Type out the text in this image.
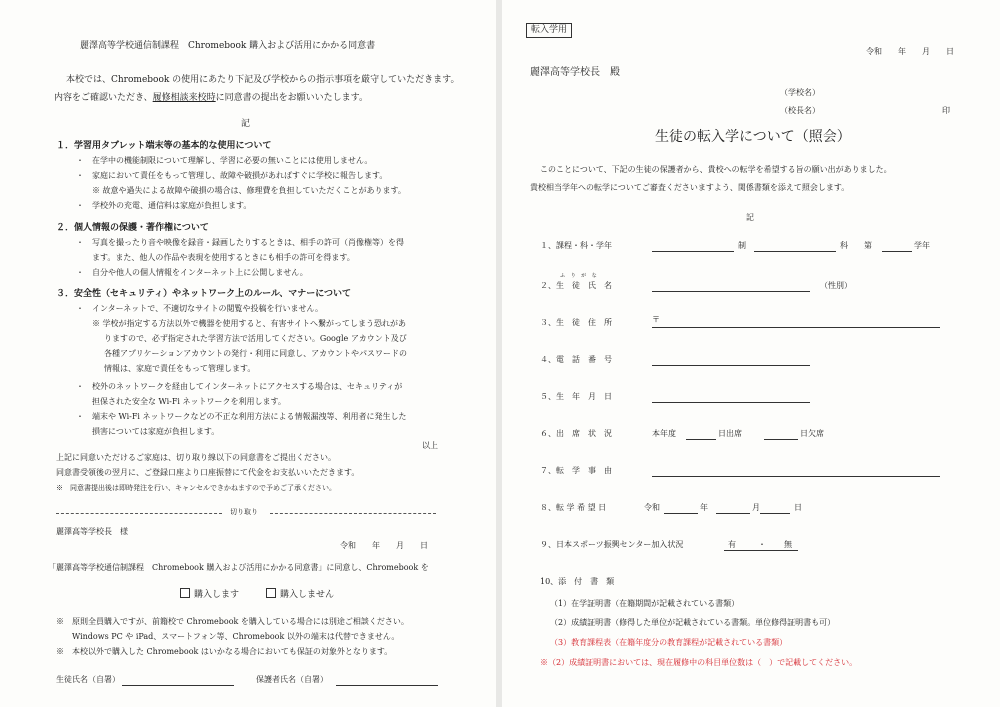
麗澤高等学校通信制課程　Chromebook 購入および活用にかかる同意書
本校では、Chromebook の使用にあたり下記及び学校からの指示事項を厳守していただきます。
内容をご確認いただき、履修相談来校時に同意書の提出をお願いいたします。
記
１．学習用タブレット端末等の基本的な使用について
・ 在学中の機能制限について理解し、学習に必要の無いことには使用しません。
・ 家庭において責任をもって管理し、故障や破損があればすぐに学校に報告します。
※ 故意や過失による故障や破損の場合は、修理費を負担していただくことがあります。
・ 学校外の充電、通信料は家庭が負担します。
２．個人情報の保護・著作権について
・ 写真を撮ったり音や映像を録音・録画したりするときは、相手の許可（肖像権等）を得
ます。また、他人の作品や表現を使用するときにも相手の許可を得ます。
・ 自分や他人の個人情報をインターネット上に公開しません。
３．安全性（セキュリティ）やネットワーク上のルール、マナーについて
・ インターネットで、不適切なサイトの閲覧や投稿を行いません。
※ 学校が指定する方法以外で機器を使用すると、有害サイトへ繋がってしまう恐れがあ
りますので、必ず指定された学習方法で活用してください。Google アカウント及び
各種アプリケーションアカウントの発行・利用に同意し、アカウントやパスワードの
情報は、家庭で責任をもって管理します。
・ 校外のネットワークを経由してインターネットにアクセスする場合は、セキュリティが
担保された安全な Wi-Fi ネットワークを利用します。
・ 端末や Wi-Fi ネットワークなどの不正な利用方法による情報漏洩等、利用者に発生した
損害については家庭が負担します。
以上
上記に同意いただけるご家庭は、切り取り線以下の同意書をご提出ください。
同意書受領後の翌月に、ご登録口座より口座振替にて代金をお支払いいただきます。
※　同意書提出後は即時発注を行い、キャンセルできかねますので予めご了承ください。
切り取り
麗澤高等学校長　様
令和　　年　　月　　日
「麗澤高等学校通信制課程　Chromebook 購入および活用にかかる同意書」に同意し、Chromebook を
購入します	購入しません
※　原則全員購入ですが、前籍校で Chromebook を購入している場合には別途ご相談ください。
Windows PC や iPad、スマートフォン等、Chromebook 以外の端末は代替できません。
※　本校以外で購入した Chromebook はいかなる場合においても保証の対象外となります。
生徒氏名（自署）	保護者氏名（自署）
転入学用
令和　　年　　月　　日
麗澤高等学校長　殿
（学校名）
（校長名）	印
生徒の転入学について（照会）
このことについて、下記の生徒の保護者から、貴校への転学を希望する旨の願い出がありました。
貴校相当学年への転学についてご審査くださいますよう、関係書類を添えて照会します。
記
１、課程・科・学年	制	科 第	学年
ふ り が な
２、生　徒　氏　名	（性別）
３、生　徒　住　所	〒
４、電　話　番　号
５、生　年　月　日
６、出　席　状　況	本年度	日出席	日欠席
７、転　学　事　由
８、転 学 希 望 日	令和	年	月	日
９、日本スポーツ振興センター加入状況	有	・ 無
10、添　付　書　類
（1）在学証明書（在籍期間が記載されている書類）
（2）成績証明書（修得した単位が記載されている書類。単位修得証明書も可）
（3）教育課程表（在籍年度分の教育課程が記載されている書類）
※（2）成績証明書においては、現在履修中の科目単位数は（　）で記載してください。
